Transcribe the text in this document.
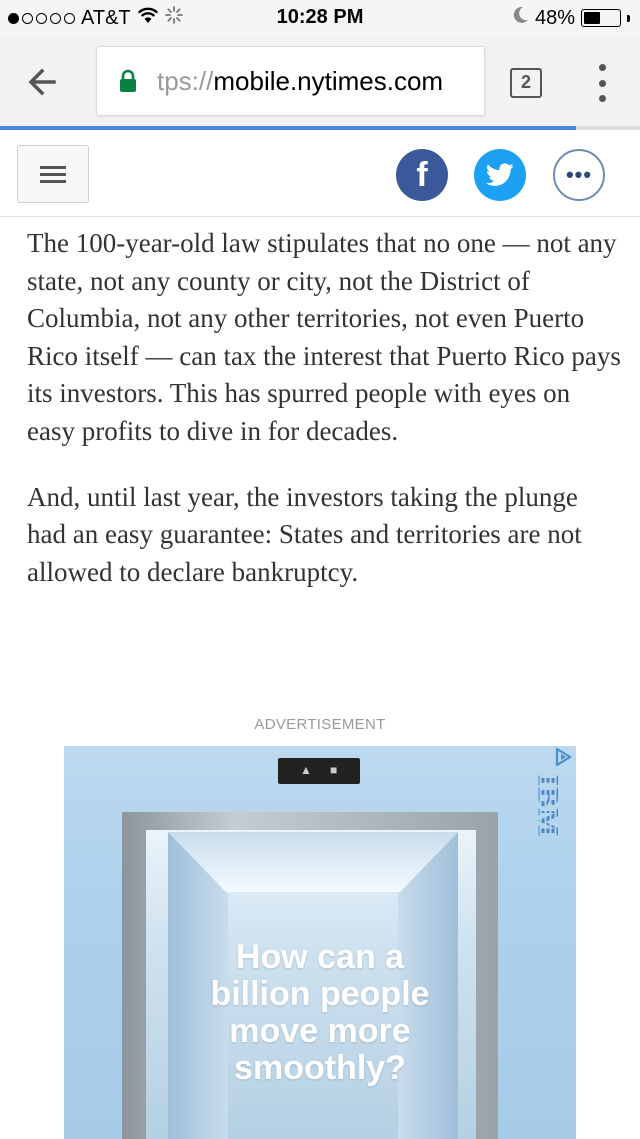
AT&T	10:28 PM	48%
tps://mobile.nytimes.com	2
f	•••

The 100-year-old law stipulates that no one — not any state, not any county or city, not the District of Columbia, not any other territories, not even Puerto Rico itself — can tax the interest that Puerto Rico pays its investors. This has spurred people with eyes on easy profits to dive in for decades.

And, until last year, the investors taking the plunge had an easy guarantee: States and territories are not allowed to declare bankruptcy.

ADVERTISEMENT
▲ ■
How can a
billion people
move more
smoothly?
IBM
